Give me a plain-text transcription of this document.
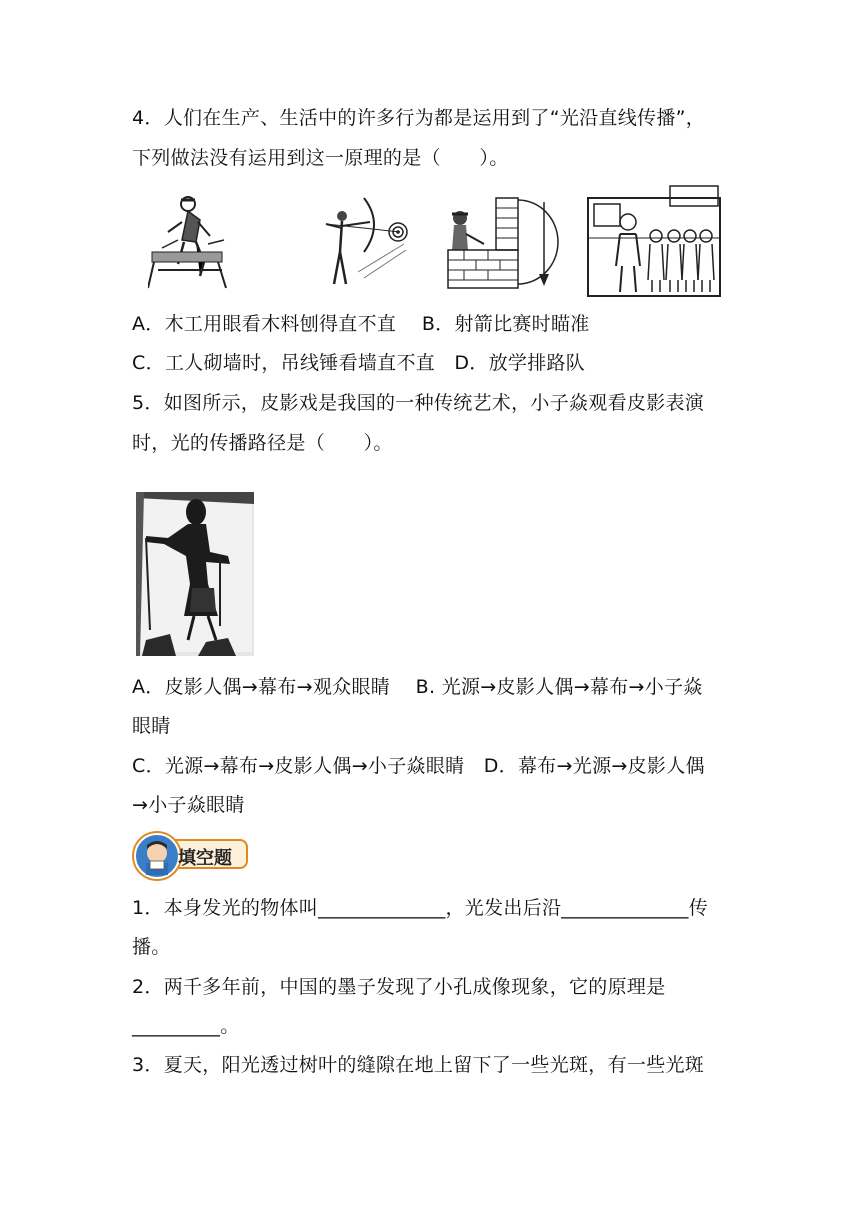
4．人们在生产、生活中的许多行为都是运用到了“光沿直线传播”，
下列做法没有运用到这一原理的是（　　）。
A．木工用眼看木料刨得直不直　 B．射箭比赛时瞄准
C．工人砌墙时，吊线锤看墙直不直　D．放学排路队
5．如图所示，皮影戏是我国的一种传统艺术，小子焱观看皮影表演
时，光的传播路径是（　　）。
A．皮影人偶→幕布→观众眼睛　 B. 光源→皮影人偶→幕布→小子焱
眼睛
C．光源→幕布→皮影人偶→小子焱眼睛　D．幕布→光源→皮影人偶
→小子焱眼睛
填空题
1．本身发光的物体叫_____________，光发出后沿_____________传
播。
2．两千多年前，中国的墨子发现了小孔成像现象，它的原理是
_________。
3．夏天，阳光透过树叶的缝隙在地上留下了一些光斑，有一些光斑
